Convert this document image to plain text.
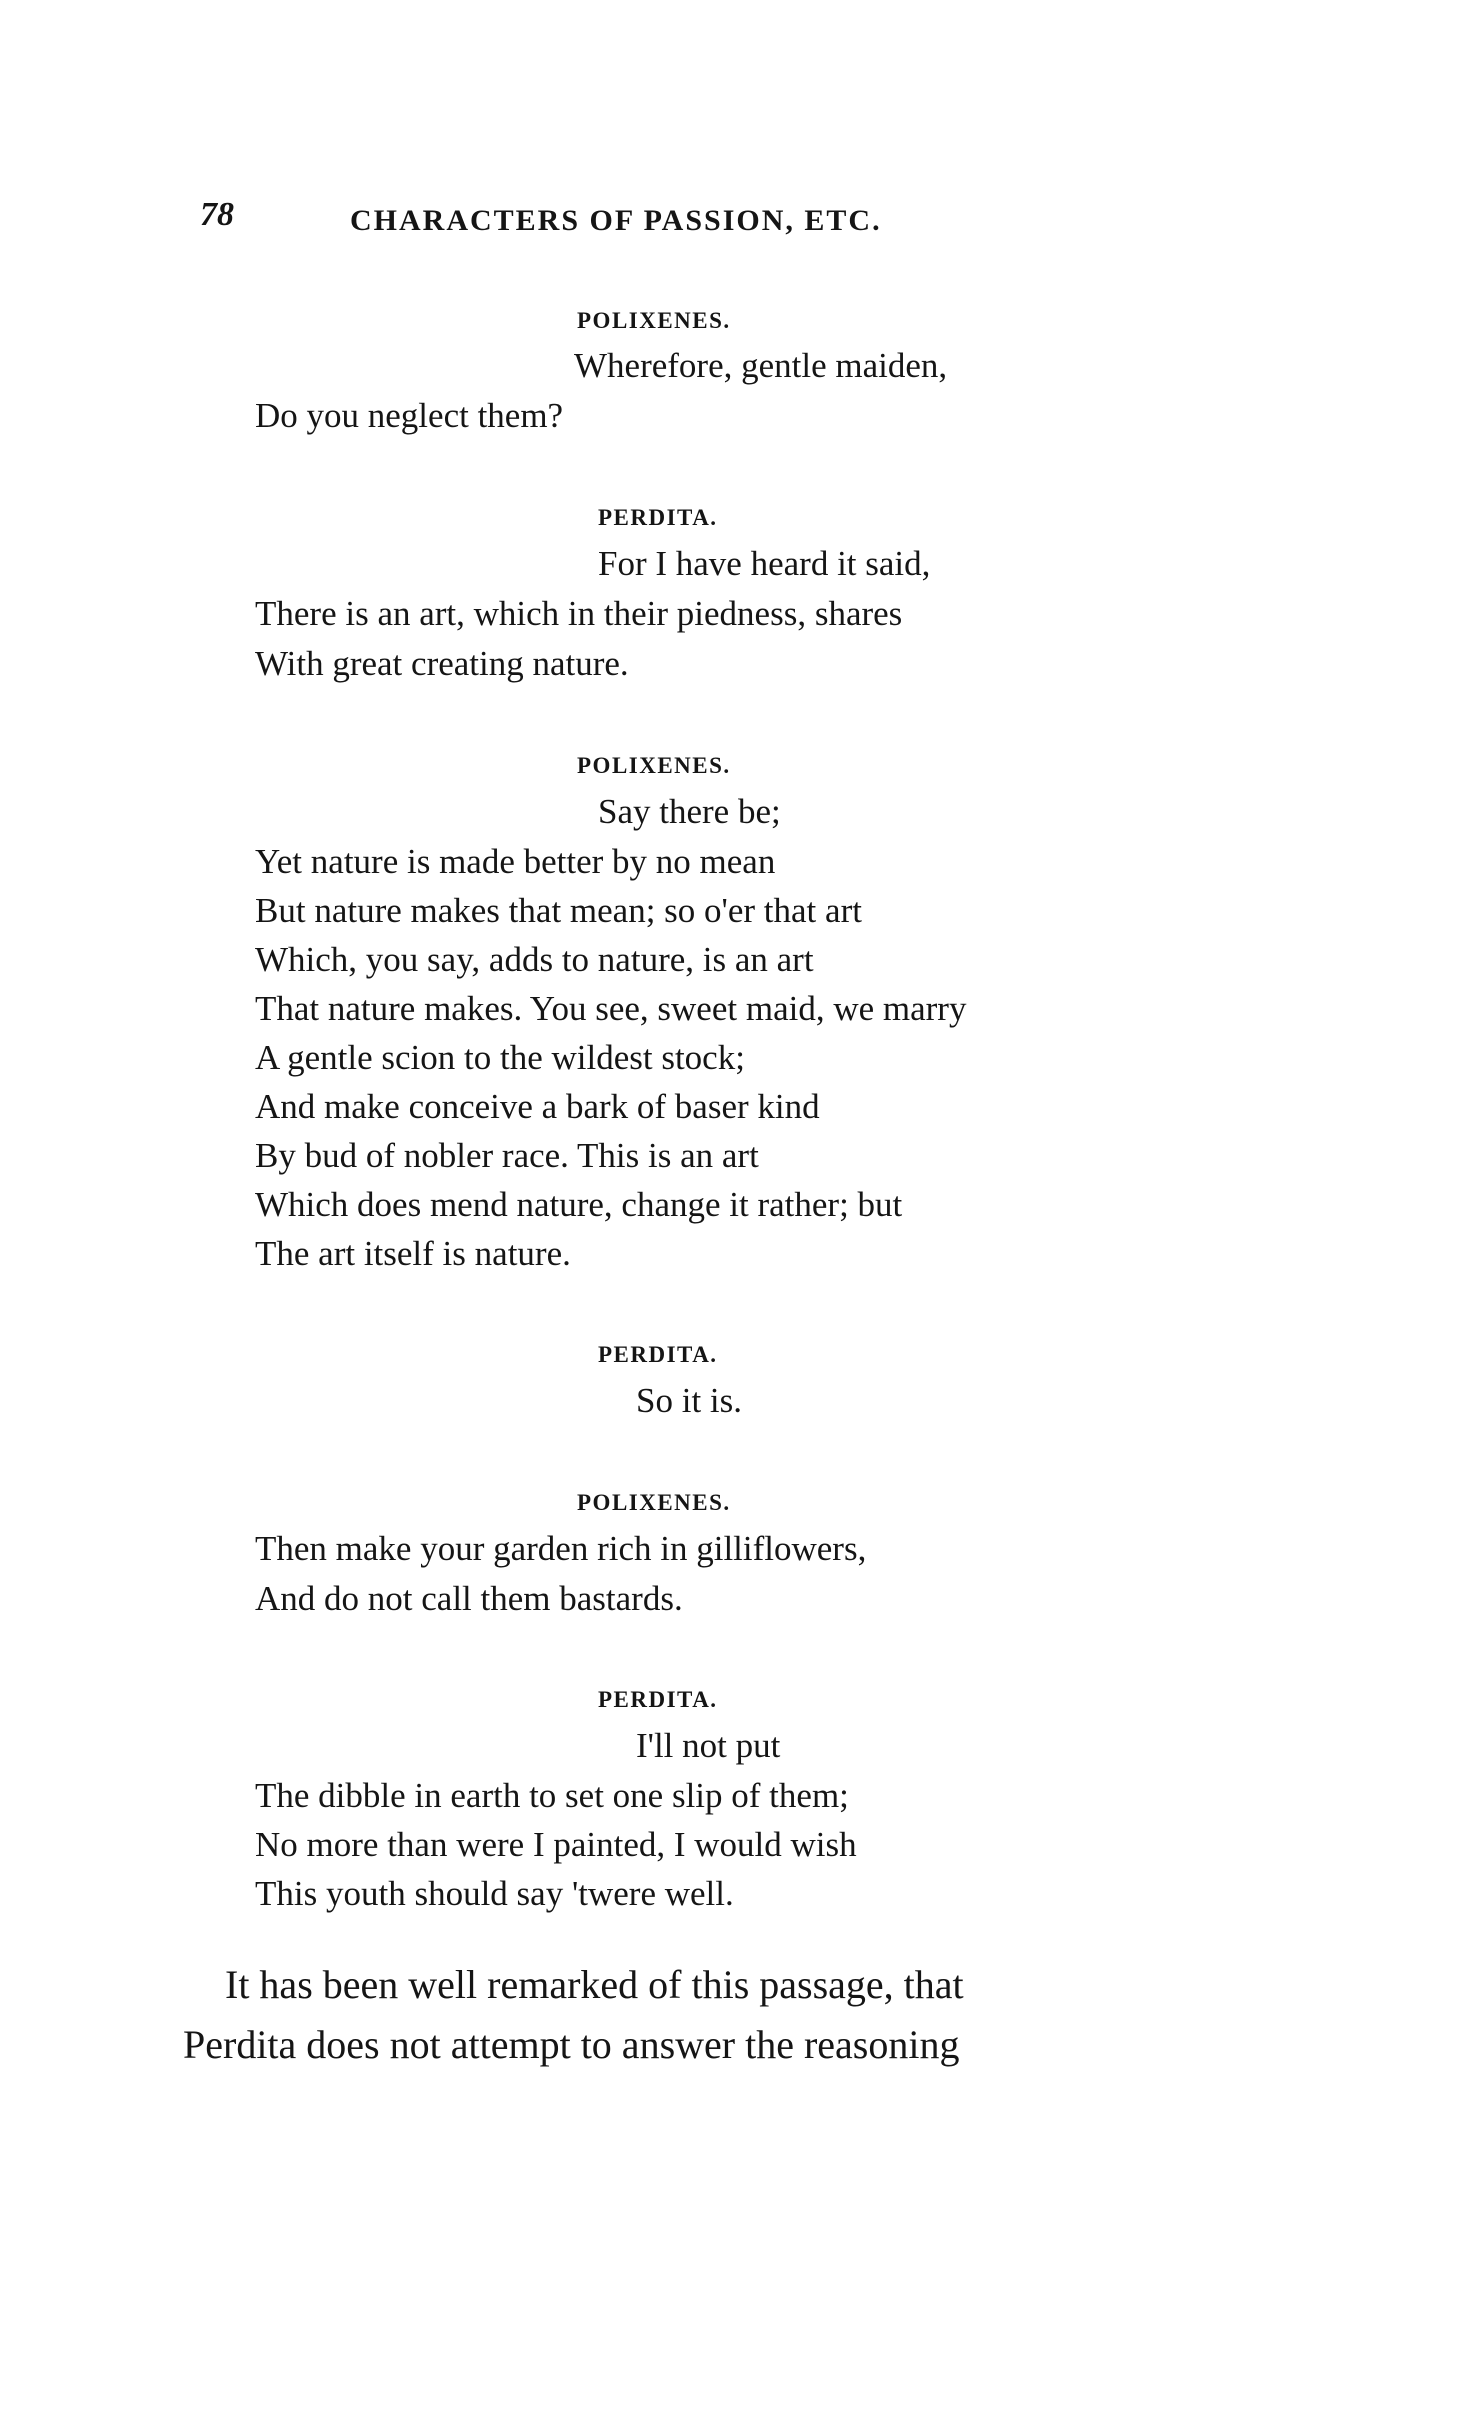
78	CHARACTERS OF PASSION, ETC.
POLIXENES.
Wherefore, gentle maiden,
Do you neglect them?
PERDITA.
For I have heard it said,
There is an art, which in their piedness, shares
With great creating nature.
POLIXENES.
Say there be;
Yet nature is made better by no mean
But nature makes that mean; so o'er that art
Which, you say, adds to nature, is an art
That nature makes. You see, sweet maid, we marry
A gentle scion to the wildest stock;
And make conceive a bark of baser kind
By bud of nobler race. This is an art
Which does mend nature, change it rather; but
The art itself is nature.
PERDITA.
So it is.
POLIXENES.
Then make your garden rich in gilliflowers,
And do not call them bastards.
PERDITA.
I'll not put
The dibble in earth to set one slip of them;
No more than were I painted, I would wish
This youth should say 'twere well.
It has been well remarked of this passage, that
Perdita does not attempt to answer the reasoning
